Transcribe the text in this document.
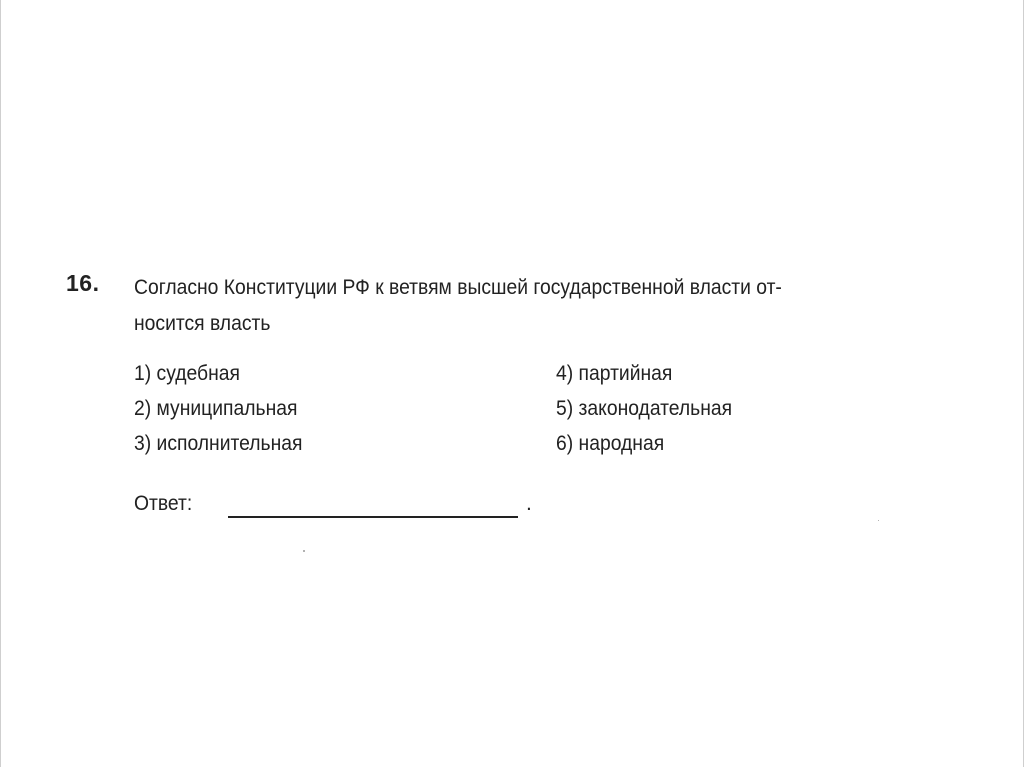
16. Согласно Конституции РФ к ветвям высшей государственной власти от-
носится власть
1) судебная
2) муниципальная
3) исполнительная
4) партийная
5) законодательная
6) народная
Ответ:	.
